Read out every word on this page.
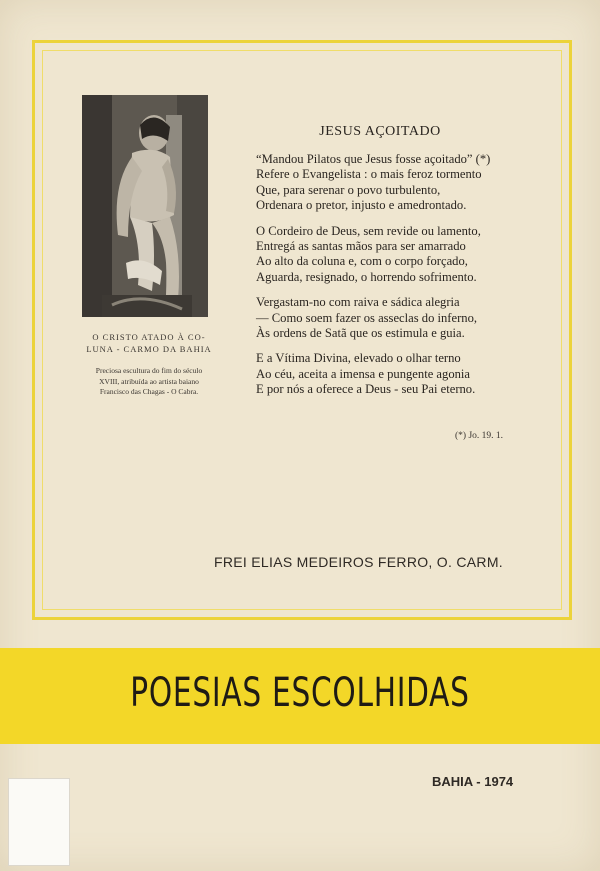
O CRISTO ATADO À CO-
LUNA - CARMO DA BAHIA
Preciosa escultura do fim do século
XVIII, atribuída ao artista baiano
Francisco das Chagas - O Cabra.
JESUS AÇOITADO
“Mandou Pilatos que Jesus fosse açoitado” (*)
Refere o Evangelista : o mais feroz tormento
Que, para serenar o povo turbulento,
Ordenara o pretor, injusto e amedrontado.
O Cordeiro de Deus, sem revide ou lamento,
Entregá as santas mãos para ser amarrado
Ao alto da coluna e, com o corpo forçado,
Aguarda, resignado, o horrendo sofrimento.
Vergastam-no com raiva e sádica alegria
— Como soem fazer os asseclas do inferno,
Às ordens de Satã que os estimula e guia.
E a Vítima Divina, elevado o olhar terno
Ao céu, aceita a imensa e pungente agonia
E por nós a oferece a Deus - seu Pai eterno.
(*) Jo. 19. 1.
FREI ELIAS MEDEIROS FERRO, O. CARM.
POESIAS ESCOLHIDAS
BAHIA - 1974
